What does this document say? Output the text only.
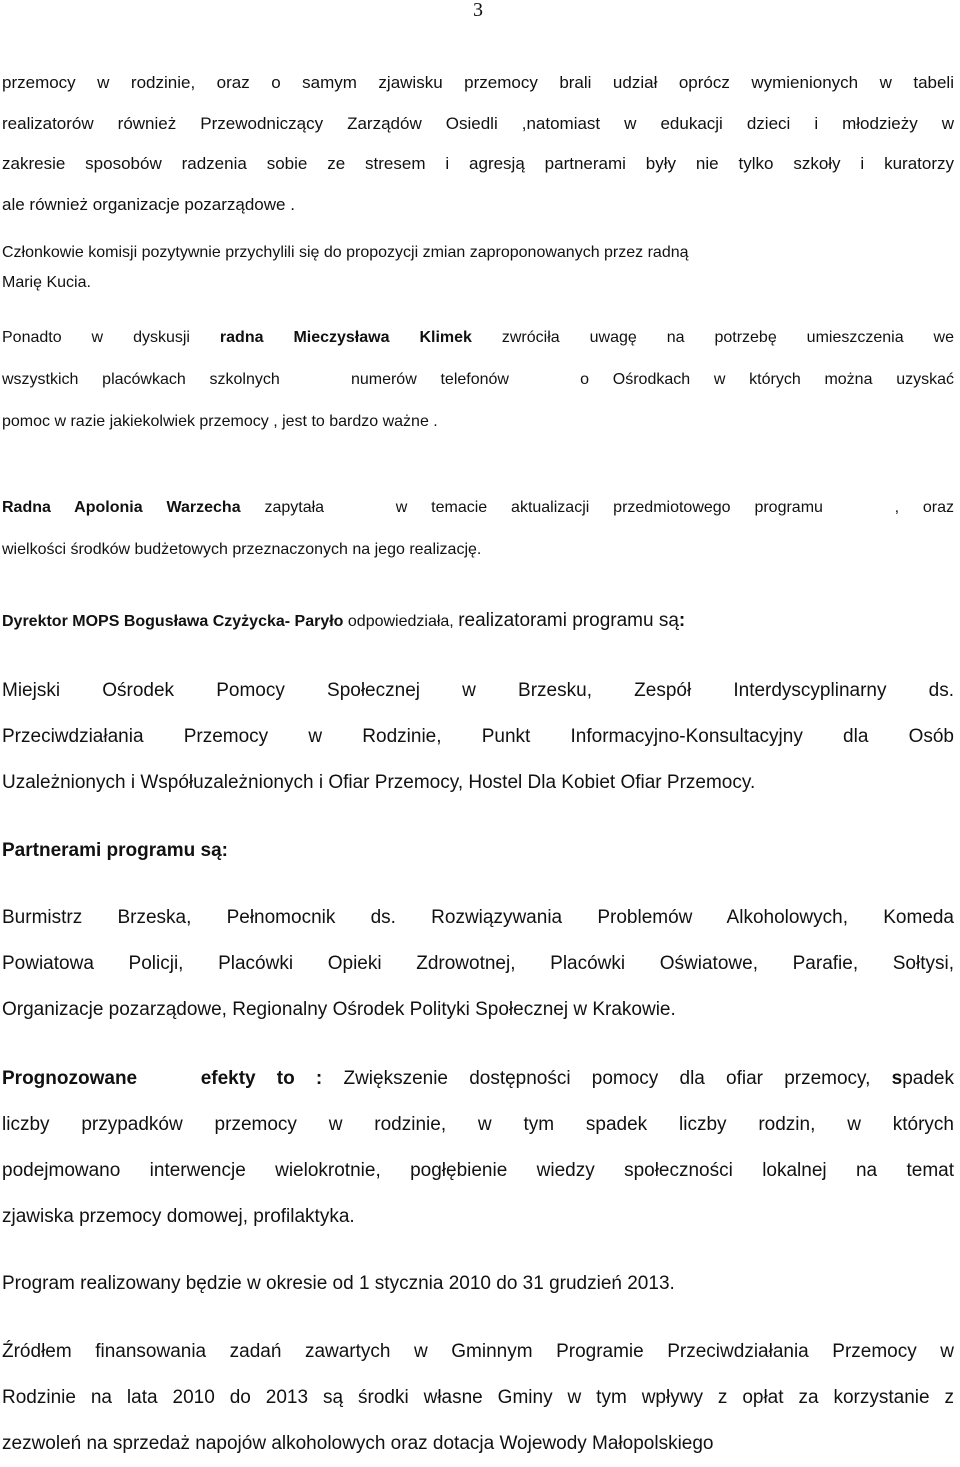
3
przemocy w rodzinie, oraz o samym zjawisku przemocy brali udział oprócz wymienionych w tabeli
realizatorów również Przewodniczący Zarządów Osiedli ,natomiast w edukacji dzieci i młodzieży w
zakresie sposobów radzenia sobie ze stresem i agresją partnerami były nie tylko szkoły i kuratorzy
ale również organizacje pozarządowe .
Członkowie komisji pozytywnie przychylili się do propozycji zmian zaproponowanych przez radną
Marię Kucia.
Ponadto w dyskusji radna Mieczysława Klimek zwróciła uwagę na potrzebę umieszczenia we
wszystkich placówkach szkolnych   numerów telefonów   o Ośrodkach w których można uzyskać
pomoc w razie jakiekolwiek przemocy , jest to bardzo ważne .
Radna Apolonia Warzecha zapytała   w temacie aktualizacji przedmiotowego programu   , oraz
wielkości środków budżetowych przeznaczonych na jego realizację.
Dyrektor MOPS Bogusława Czyżycka- Paryło odpowiedziała, realizatorami programu są:
Miejski Ośrodek Pomocy Społecznej w Brzesku, Zespół Interdyscyplinarny ds.
Przeciwdziałania Przemocy w Rodzinie, Punkt Informacyjno-Konsultacyjny dla Osób
Uzależnionych i Współuzależnionych i Ofiar Przemocy, Hostel Dla Kobiet Ofiar Przemocy.
Partnerami programu są:
Burmistrz Brzeska, Pełnomocnik ds. Rozwiązywania Problemów Alkoholowych, Komeda
Powiatowa Policji, Placówki Opieki Zdrowotnej, Placówki Oświatowe, Parafie, Sołtysi,
Organizacje pozarządowe, Regionalny Ośrodek Polityki Społecznej w Krakowie.
Prognozowane   efekty to : Zwiększenie dostępności pomocy dla ofiar przemocy, spadek
liczby przypadków przemocy w rodzinie, w tym spadek liczby rodzin, w których
podejmowano interwencje wielokrotnie, pogłębienie wiedzy społeczności lokalnej na temat
zjawiska przemocy domowej, profilaktyka.
Program realizowany będzie w okresie od 1 stycznia 2010 do 31 grudzień 2013.
Źródłem finansowania zadań zawartych w Gminnym Programie Przeciwdziałania Przemocy w
Rodzinie na lata 2010 do 2013 są środki własne Gminy w tym wpływy z opłat za korzystanie z
zezwoleń na sprzedaż napojów alkoholowych oraz dotacja Wojewody Małopolskiego
